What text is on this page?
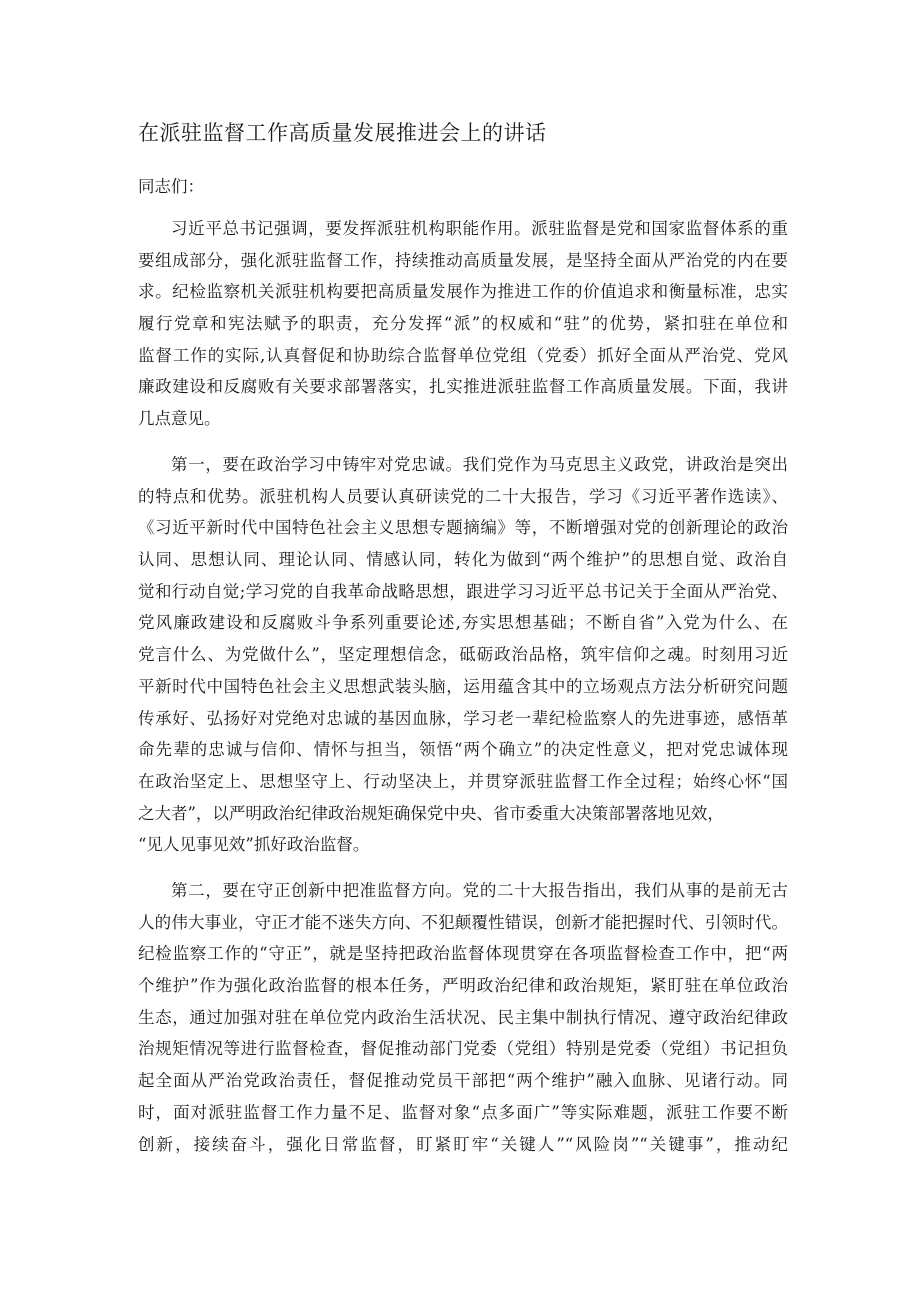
在派驻监督工作高质量发展推进会上的讲话

同志们：

习近平总书记强调，要发挥派驻机构职能作用。派驻监督是党和国家监督体系的重
要组成部分，强化派驻监督工作，持续推动高质量发展，是坚持全面从严治党的内在要
求。纪检监察机关派驻机构要把高质量发展作为推进工作的价值追求和衡量标准，忠实
履行党章和宪法赋予的职责，充分发挥“派”的权威和“驻”的优势，紧扣驻在单位和
监督工作的实际,认真督促和协助综合监督单位党组（党委）抓好全面从严治党、党风
廉政建设和反腐败有关要求部署落实，扎实推进派驻监督工作高质量发展。下面，我讲
几点意见。
第一，要在政治学习中铸牢对党忠诚。我们党作为马克思主义政党，讲政治是突出
的特点和优势。派驻机构人员要认真研读党的二十大报告，学习《习近平著作选读》、
《习近平新时代中国特色社会主义思想专题摘编》等，不断增强对党的创新理论的政治
认同、思想认同、理论认同、情感认同，转化为做到“两个维护”的思想自觉、政治自
觉和行动自觉;学习党的自我革命战略思想，跟进学习习近平总书记关于全面从严治党、
党风廉政建设和反腐败斗争系列重要论述,夯实思想基础；不断自省”入党为什么、在
党言什么、为党做什么”，坚定理想信念，砥砺政治品格，筑牢信仰之魂。时刻用习近
平新时代中国特色社会主义思想武装头脑，运用蕴含其中的立场观点方法分析研究问题
传承好、弘扬好对党绝对忠诚的基因血脉，学习老一辈纪检监察人的先进事迹，感悟革
命先辈的忠诚与信仰、情怀与担当，领悟“两个确立”的决定性意义，把对党忠诚体现
在政治坚定上、思想坚守上、行动坚决上，并贯穿派驻监督工作全过程；始终心怀“国
之大者”，以严明政治纪律政治规矩确保党中央、省市委重大决策部署落地见效，
“见人见事见效”抓好政治监督。
第二，要在守正创新中把准监督方向。党的二十大报告指出，我们从事的是前无古
人的伟大事业，守正才能不迷失方向、不犯颠覆性错误，创新才能把握时代、引领时代。
纪检监察工作的“守正”，就是坚持把政治监督体现贯穿在各项监督检查工作中，把“两
个维护”作为强化政治监督的根本任务，严明政治纪律和政治规矩，紧盯驻在单位政治
生态，通过加强对驻在单位党内政治生活状况、民主集中制执行情况、遵守政治纪律政
治规矩情况等进行监督检查，督促推动部门党委（党组）特别是党委（党组）书记担负
起全面从严治党政治责任，督促推动党员干部把“两个维护”融入血脉、见诸行动。同
时，面对派驻监督工作力量不足、监督对象“点多面广”等实际难题，派驻工作要不断
创新，接续奋斗，强化日常监督，盯紧盯牢“关键人”“风险岗”“关键事”，推动纪
